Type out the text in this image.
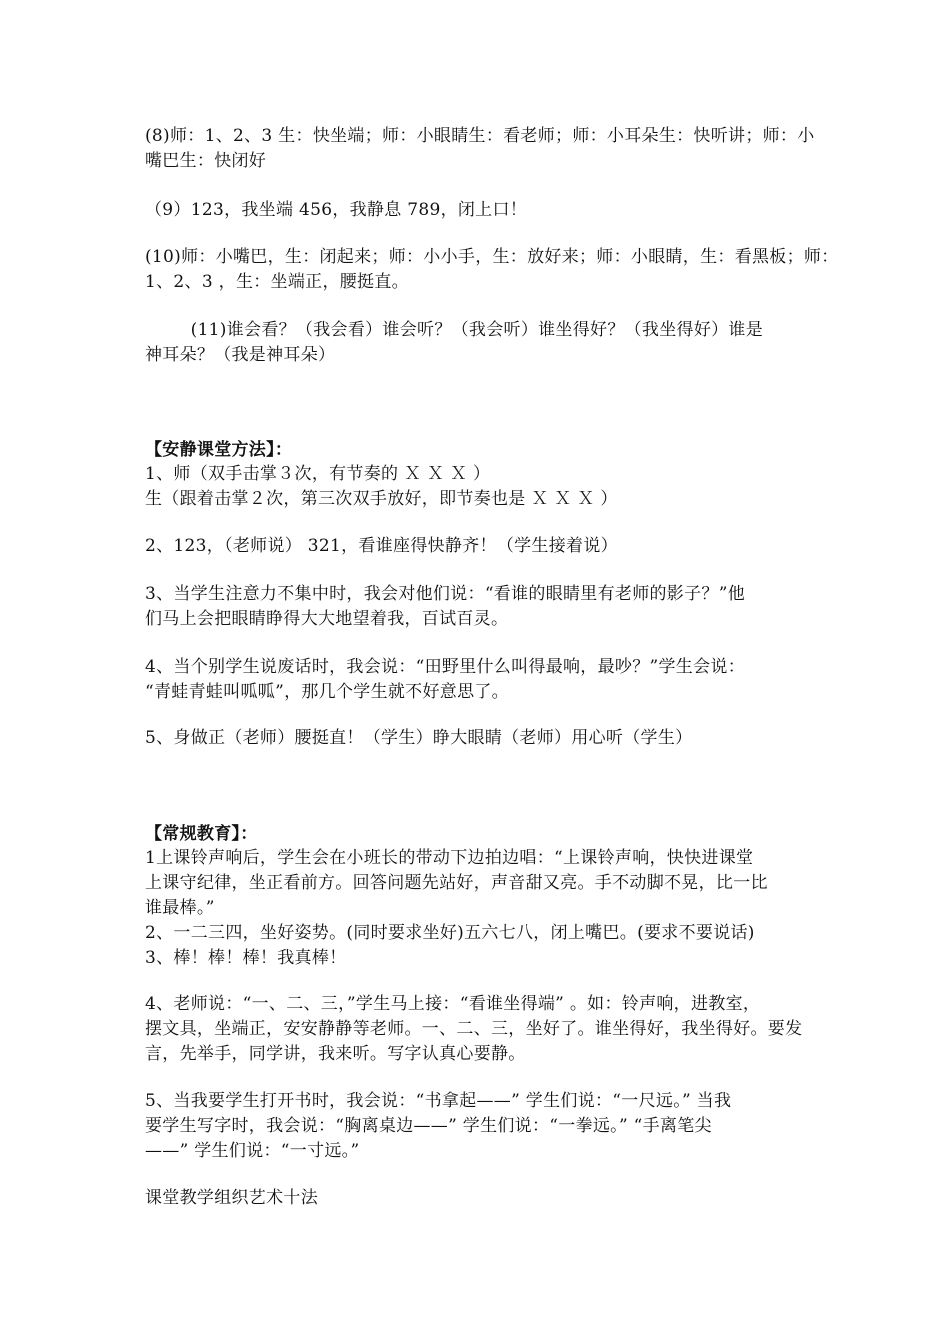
(8)师：1、2、3 生：快坐端；师：小眼睛生：看老师；师：小耳朵生：快听讲；师：小

嘴巴生：快闭好

（9）123，我坐端 456，我静息 789，闭上口！

(10)师：小嘴巴，生：闭起来；师：小小手，生：放好来；师：小眼睛，生：看黑板；师：

1、2、3 ，生：坐端正，腰挺直。

(11)谁会看？（我会看）谁会听？（我会听）谁坐得好？（我坐得好）谁是

神耳朵？（我是神耳朵）

【安静课堂方法】：

1、师（双手击掌３次，有节奏的 Ｘ Ｘ Ｘ ）

生（跟着击掌２次，第三次双手放好，即节奏也是 Ｘ Ｘ Ｘ ）

2、123，（老师说） 321，看谁座得快静齐！（学生接着说）

3、当学生注意力不集中时，我会对他们说：“看谁的眼睛里有老师的影子？”他

们马上会把眼睛睁得大大地望着我，百试百灵。

4、当个别学生说废话时，我会说：“田野里什么叫得最响，最吵？”学生会说：

“青蛙青蛙叫呱呱”，那几个学生就不好意思了。

5、身做正（老师）腰挺直！（学生）睁大眼睛（老师）用心听（学生）

【常规教育】：

1上课铃声响后，学生会在小班长的带动下边拍边唱：“上课铃声响，快快进课堂

上课守纪律，坐正看前方。回答问题先站好，声音甜又亮。手不动脚不晃，比一比

谁最棒。”

2、一二三四，坐好姿势。(同时要求坐好)五六七八，闭上嘴巴。(要求不要说话)

3、棒！棒！棒！我真棒！

4、老师说：“一、二、三，”学生马上接：“看谁坐得端” 。如：铃声响，进教室，

摆文具，坐端正，安安静静等老师。一、二、三，坐好了。谁坐得好，我坐得好。要发

言，先举手，同学讲，我来听。写字认真心要静。

5、当我要学生打开书时，我会说：“书拿起——” 学生们说：“一尺远。” 当我

要学生写字时，我会说：“胸离桌边——” 学生们说：“一拳远。” “手离笔尖

——” 学生们说：“一寸远。”

课堂教学组织艺术十法
